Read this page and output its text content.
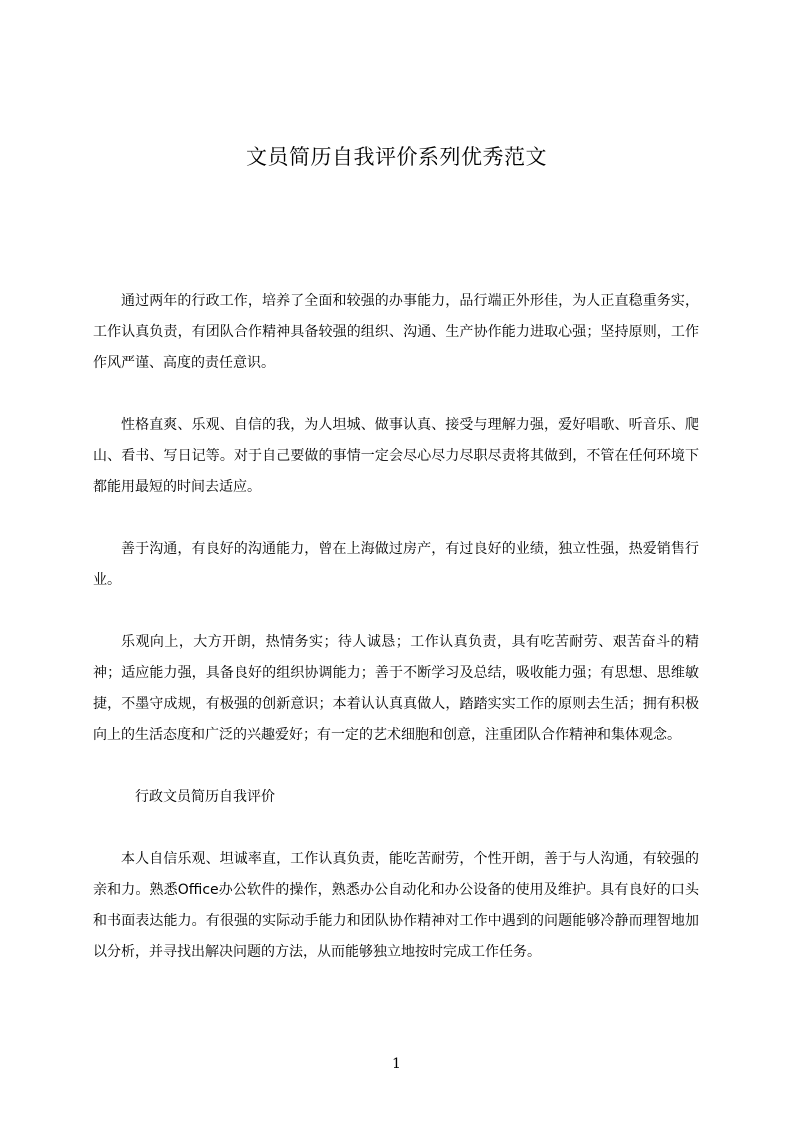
文员简历自我评价系列优秀范文

通过两年的行政工作，培养了全面和较强的办事能力，品行端正外形佳，为人正直稳重务实，工作认真负责，有团队合作精神具备较强的组织、沟通、生产协作能力进取心强；坚持原则，工作作风严谨、高度的责任意识。

性格直爽、乐观、自信的我，为人坦城、做事认真、接受与理解力强，爱好唱歌、听音乐、爬山、看书、写日记等。对于自己要做的事情一定会尽心尽力尽职尽责将其做到，不管在任何环境下都能用最短的时间去适应。

善于沟通，有良好的沟通能力，曾在上海做过房产，有过良好的业绩，独立性强，热爱销售行业。

乐观向上，大方开朗，热情务实；待人诚恳；工作认真负责，具有吃苦耐劳、艰苦奋斗的精神；适应能力强，具备良好的组织协调能力；善于不断学习及总结，吸收能力强；有思想、思维敏捷，不墨守成规，有极强的创新意识；本着认认真真做人，踏踏实实工作的原则去生活；拥有积极向上的生活态度和广泛的兴趣爱好；有一定的艺术细胞和创意，注重团队合作精神和集体观念。

行政文员简历自我评价

本人自信乐观、坦诚率直，工作认真负责，能吃苦耐劳，个性开朗，善于与人沟通，有较强的亲和力。熟悉Office办公软件的操作，熟悉办公自动化和办公设备的使用及维护。具有良好的口头和书面表达能力。有很强的实际动手能力和团队协作精神对工作中遇到的问题能够冷静而理智地加以分析，并寻找出解决问题的方法，从而能够独立地按时完成工作任务。

1
